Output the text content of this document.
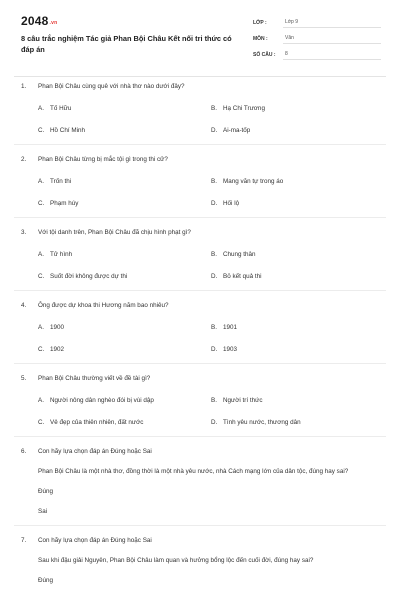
$2048^{.vn}$
8 câu trắc nghiệm Tác giả Phan Bội Châu Kết nối tri thức có đáp án
LỚP :	Lớp 9
MÔN :	Văn
SỐ CÂU :	8
1.	Phan Bội Châu cùng quê với nhà thơ nào dưới đây?
A. Tố Hữu	B. Hạ Chi Trương
C. Hồ Chí Minh	D. Ai-ma-tốp
2.	Phan Bội Châu từng bị mắc tội gì trong thi cử?
A. Trốn thi	B. Mang văn tự trong áo
C. Phạm húy	D. Hối lộ
3.	Với tội danh trên, Phan Bội Châu đã chịu hình phạt gì?
A. Tử hình	B. Chung thân
C. Suốt đời không được dự thi	D. Bỏ kết quả thi
4.	Ông được dự khoa thi Hương năm bao nhiêu?
A. 1900	B. 1901
C. 1902	D. 1903
5.	Phan Bội Châu thường viết về đề tài gì?
A. Người nông dân nghèo đói bị vùi dập	B. Người trí thức
C. Vẻ đẹp của thiên nhiên, đất nước	D. Tình yêu nước, thương dân
6.	Con hãy lựa chọn đáp án Đúng hoặc Sai
Phan Bội Châu là một nhà thơ, đồng thời là một nhà yêu nước, nhà Cách mạng lớn của dân tộc, đúng hay sai?
Đúng
Sai
7.	Con hãy lựa chọn đáp án Đúng hoặc Sai
Sau khi đậu giải Nguyên, Phan Bội Châu làm quan và hưởng bổng lộc đến cuối đời, đúng hay sai?
Đúng
